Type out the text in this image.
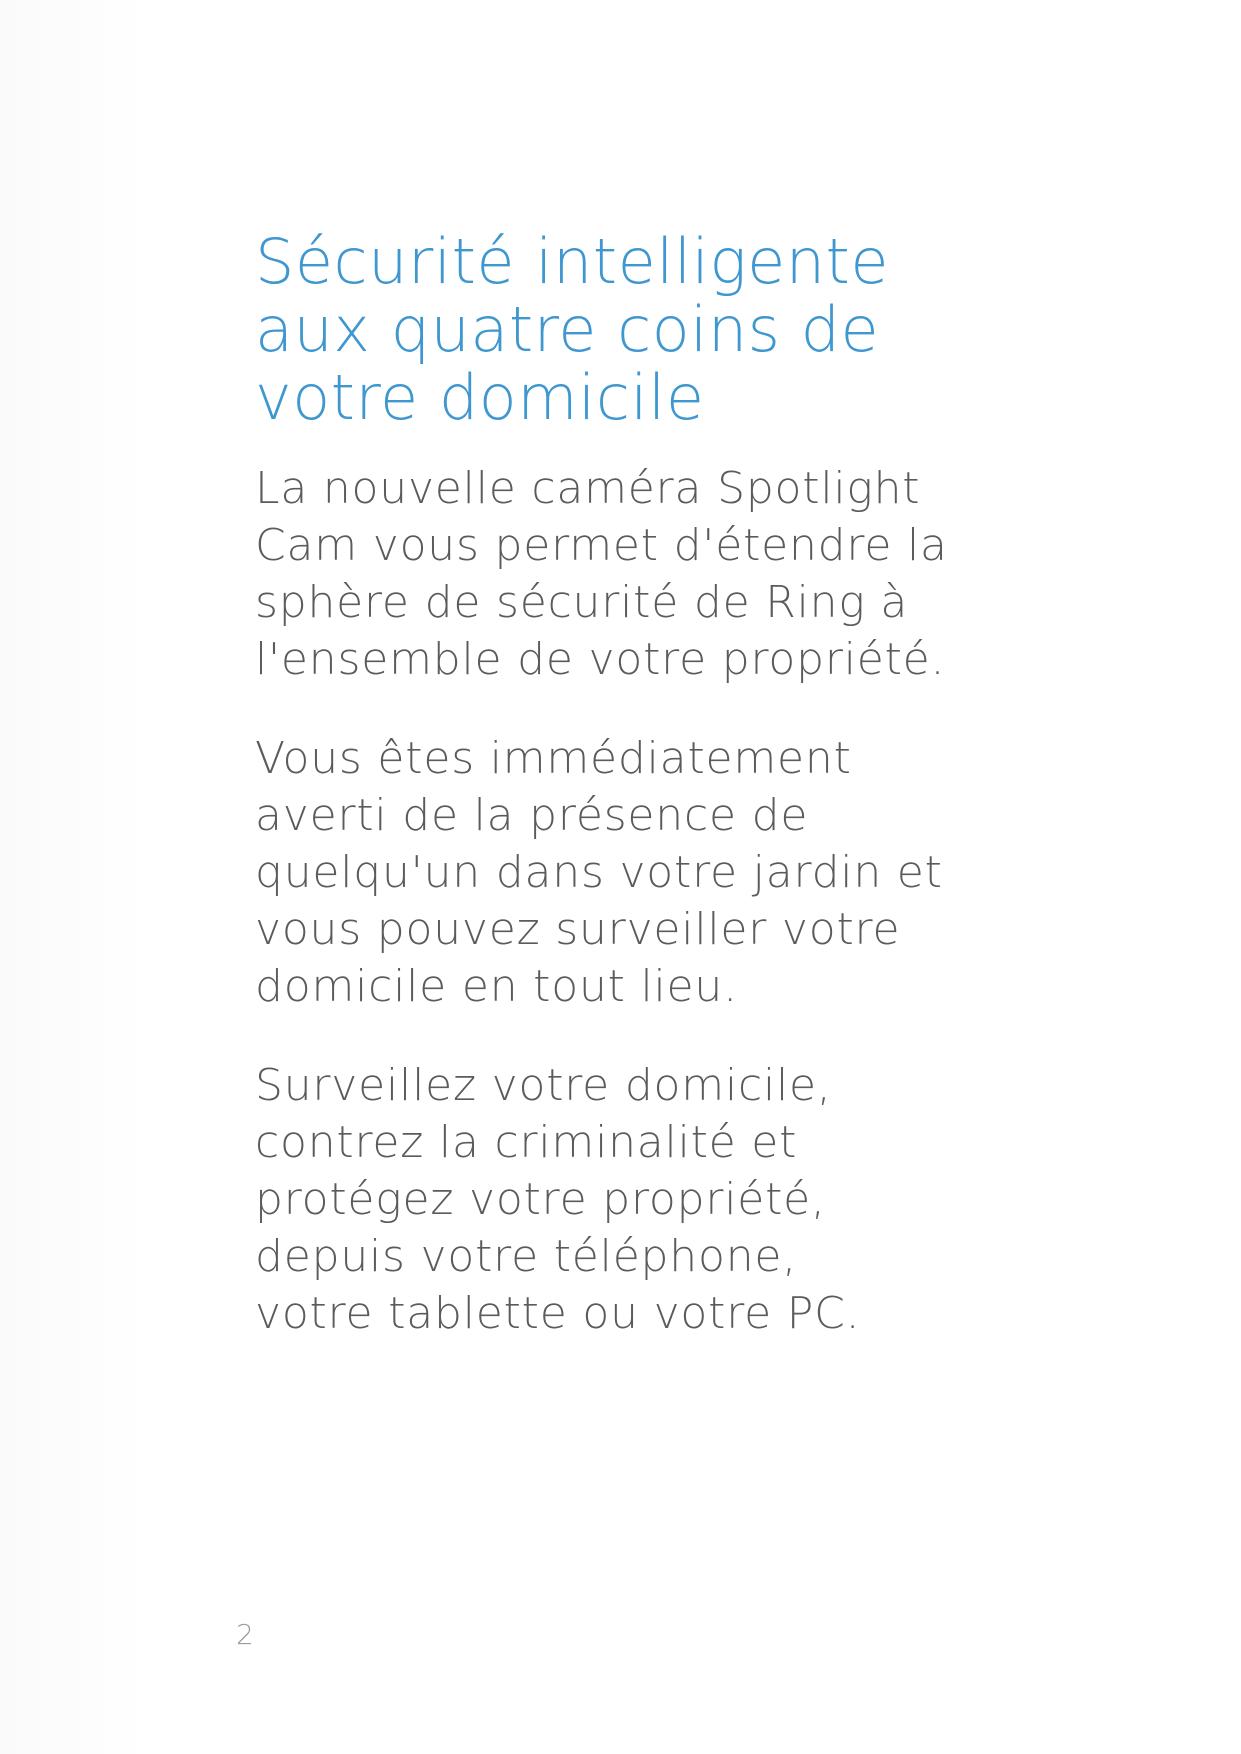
Sécurité intelligente
aux quatre coins de
votre domicile

La nouvelle caméra Spotlight
Cam vous permet d'étendre la
sphère de sécurité de Ring à
l'ensemble de votre propriété.

Vous êtes immédiatement
averti de la présence de
quelqu'un dans votre jardin et
vous pouvez surveiller votre
domicile en tout lieu.

Surveillez votre domicile,
contrez la criminalité et
protégez votre propriété,
depuis votre téléphone,
votre tablette ou votre PC.

2
